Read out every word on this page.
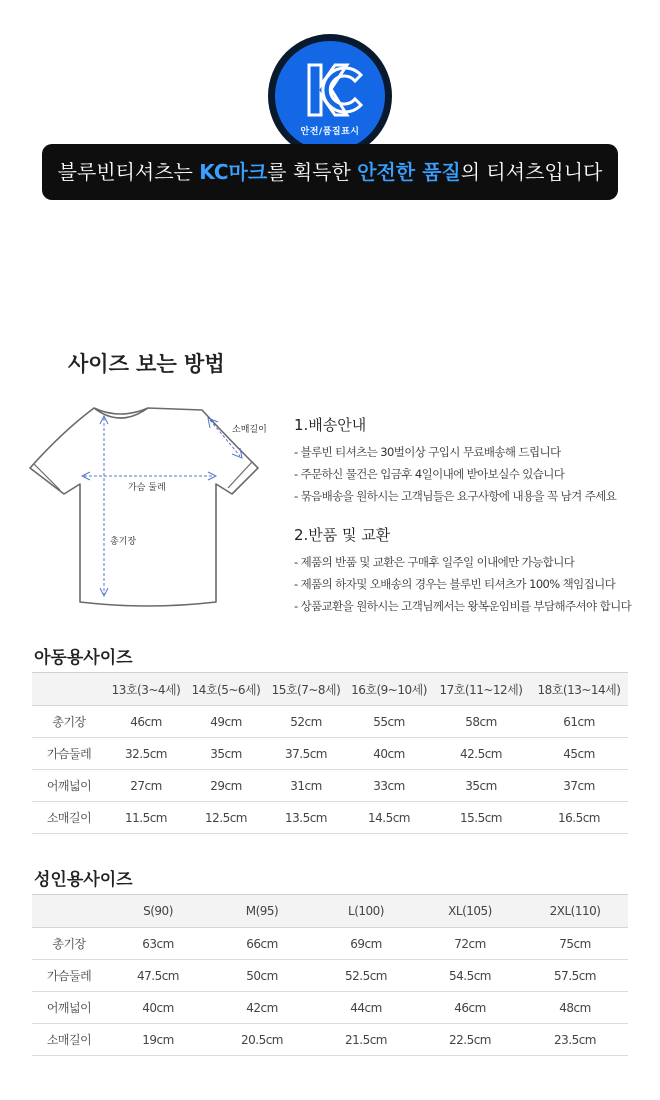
안전/품질표시
블루빈티셔츠는 KC마크를 획득한 안전한 품질의 티셔츠입니다
사이즈 보는 방법
소매길이
가슴 둘레
총기장
1.배송안내
- 블루빈 티셔츠는 30벌이상 구입시 무료배송해 드립니다
- 주문하신 물건은 입금후 4일이내에 받아보실수 있습니다
- 묶음배송을 원하시는 고객님들은 요구사항에 내용을 꼭 남겨 주세요
2.반품 및 교환
- 제품의 반품 및 교환은 구매후 일주일 이내에만 가능합니다
- 제품의 하자및 오배송의 경우는 블루빈 티셔츠가 100% 책임집니다
- 상품교환을 원하시는 고객님께서는 왕복운임비를 부담해주셔야 합니다
아동용사이즈
	13호(3~4세)	14호(5~6세)	15호(7~8세)	16호(9~10세)	17호(11~12세)	18호(13~14세)
총기장	46cm	49cm	52cm	55cm	58cm	61cm
가슴둘레	32.5cm	35cm	37.5cm	40cm	42.5cm	45cm
어깨넓이	27cm	29cm	31cm	33cm	35cm	37cm
소매길이	11.5cm	12.5cm	13.5cm	14.5cm	15.5cm	16.5cm
성인용사이즈
	S(90)	M(95)	L(100)	XL(105)	2XL(110)
총기장	63cm	66cm	69cm	72cm	75cm
가슴둘레	47.5cm	50cm	52.5cm	54.5cm	57.5cm
어깨넓이	40cm	42cm	44cm	46cm	48cm
소매길이	19cm	20.5cm	21.5cm	22.5cm	23.5cm
